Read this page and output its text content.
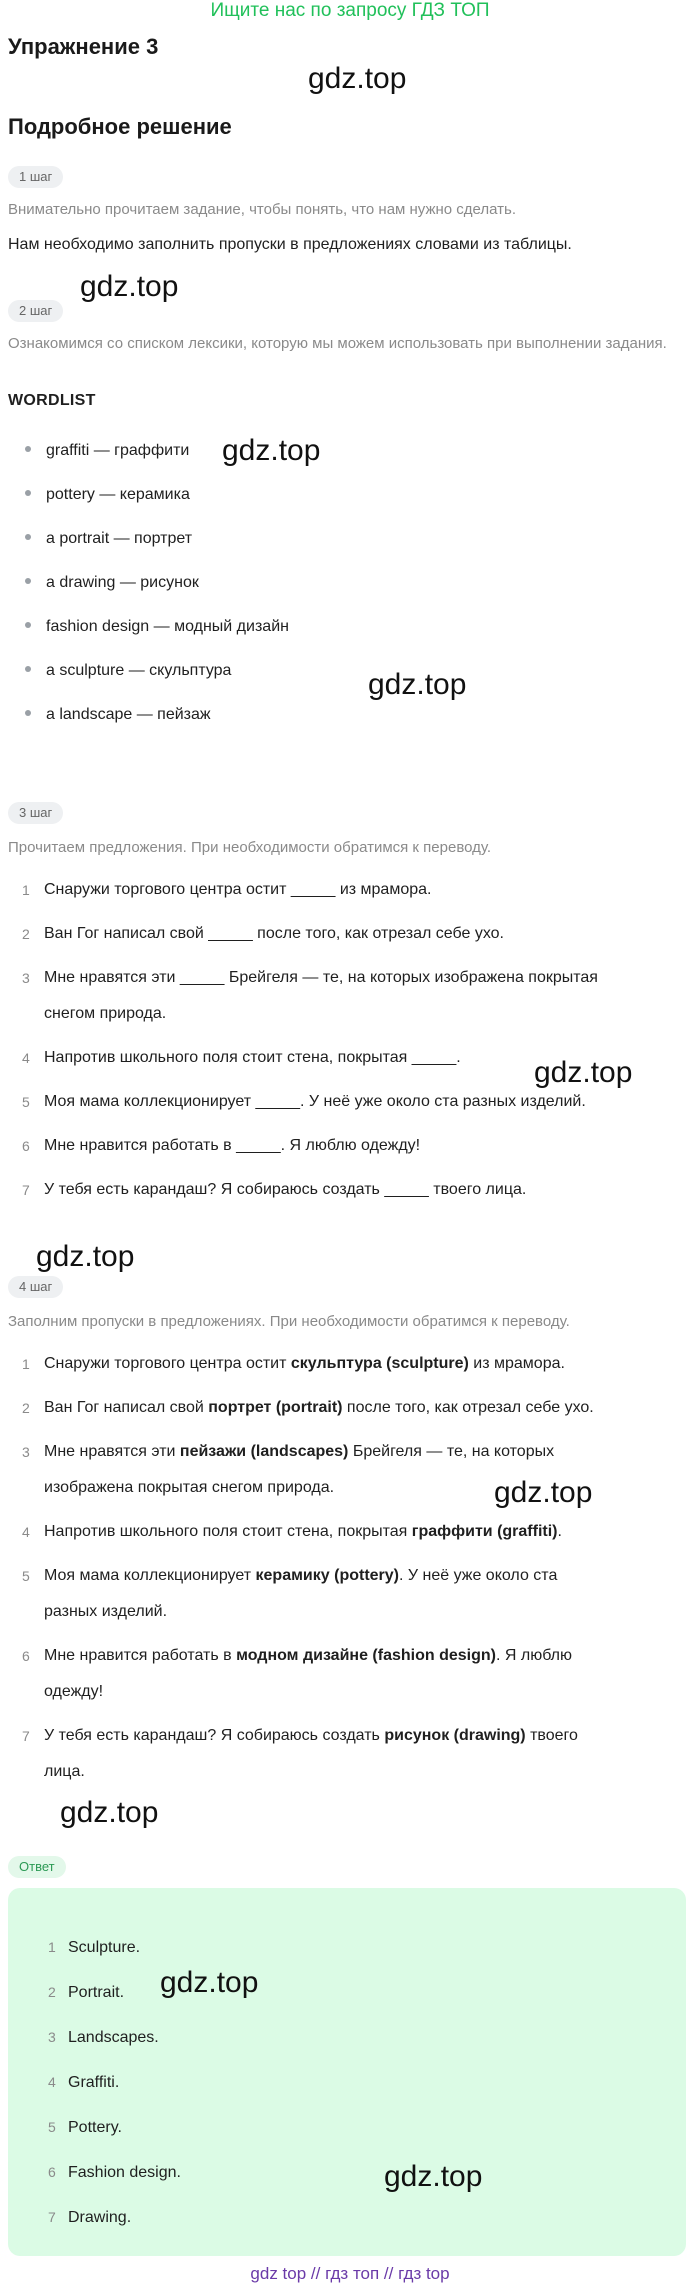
Ищите нас по запросу ГДЗ ТОП
Упражнение 3
gdz.top
Подробное решение
1 шаг
Внимательно прочитаем задание, чтобы понять, что нам нужно сделать.
Нам необходимо заполнить пропуски в предложениях словами из таблицы.
gdz.top
2 шаг
Ознакомимся со списком лексики, которую мы можем использовать при выполнении задания.
WORDLIST
graffiti — граффити
pottery — керамика
a portrait — портрет
a drawing — рисунок
fashion design — модный дизайн
a sculpture — скульптура
a landscape — пейзаж
gdz.top
gdz.top
3 шаг
Прочитаем предложения. При необходимости обратимся к переводу.
1 Снаружи торгового центра остит _____ из мрамора.
2 Ван Гог написал свой _____ после того, как отрезал себе ухо.
3 Мне нравятся эти _____ Брейгеля — те, на которых изображена покрытая
снегом природа.
4 Напротив школьного поля стоит стена, покрытая _____.
5 Моя мама коллекционирует _____. У неё уже около ста разных изделий.
6 Мне нравится работать в _____. Я люблю одежду!
7 У тебя есть карандаш? Я собираюсь создать _____ твоего лица.
gdz.top
gdz.top
4 шаг
Заполним пропуски в предложениях. При необходимости обратимся к переводу.
1 Снаружи торгового центра остит скульптура (sculpture) из мрамора.
2 Ван Гог написал свой портрет (portrait) после того, как отрезал себе ухо.
3 Мне нравятся эти пейзажи (landscapes) Брейгеля — те, на которых
изображена покрытая снегом природа.
4 Напротив школьного поля стоит стена, покрытая граффити (graffiti).
5 Моя мама коллекционирует керамику (pottery). У неё уже около ста
разных изделий.
6 Мне нравится работать в модном дизайне (fashion design). Я люблю
одежду!
7 У тебя есть карандаш? Я собираюсь создать рисунок (drawing) твоего
лица.
gdz.top
gdz.top
Ответ
1 Sculpture.
2 Portrait.
3 Landscapes.
4 Graffiti.
5 Pottery.
6 Fashion design.
7 Drawing.
gdz.top
gdz.top
gdz top // гдз топ // гдз top
